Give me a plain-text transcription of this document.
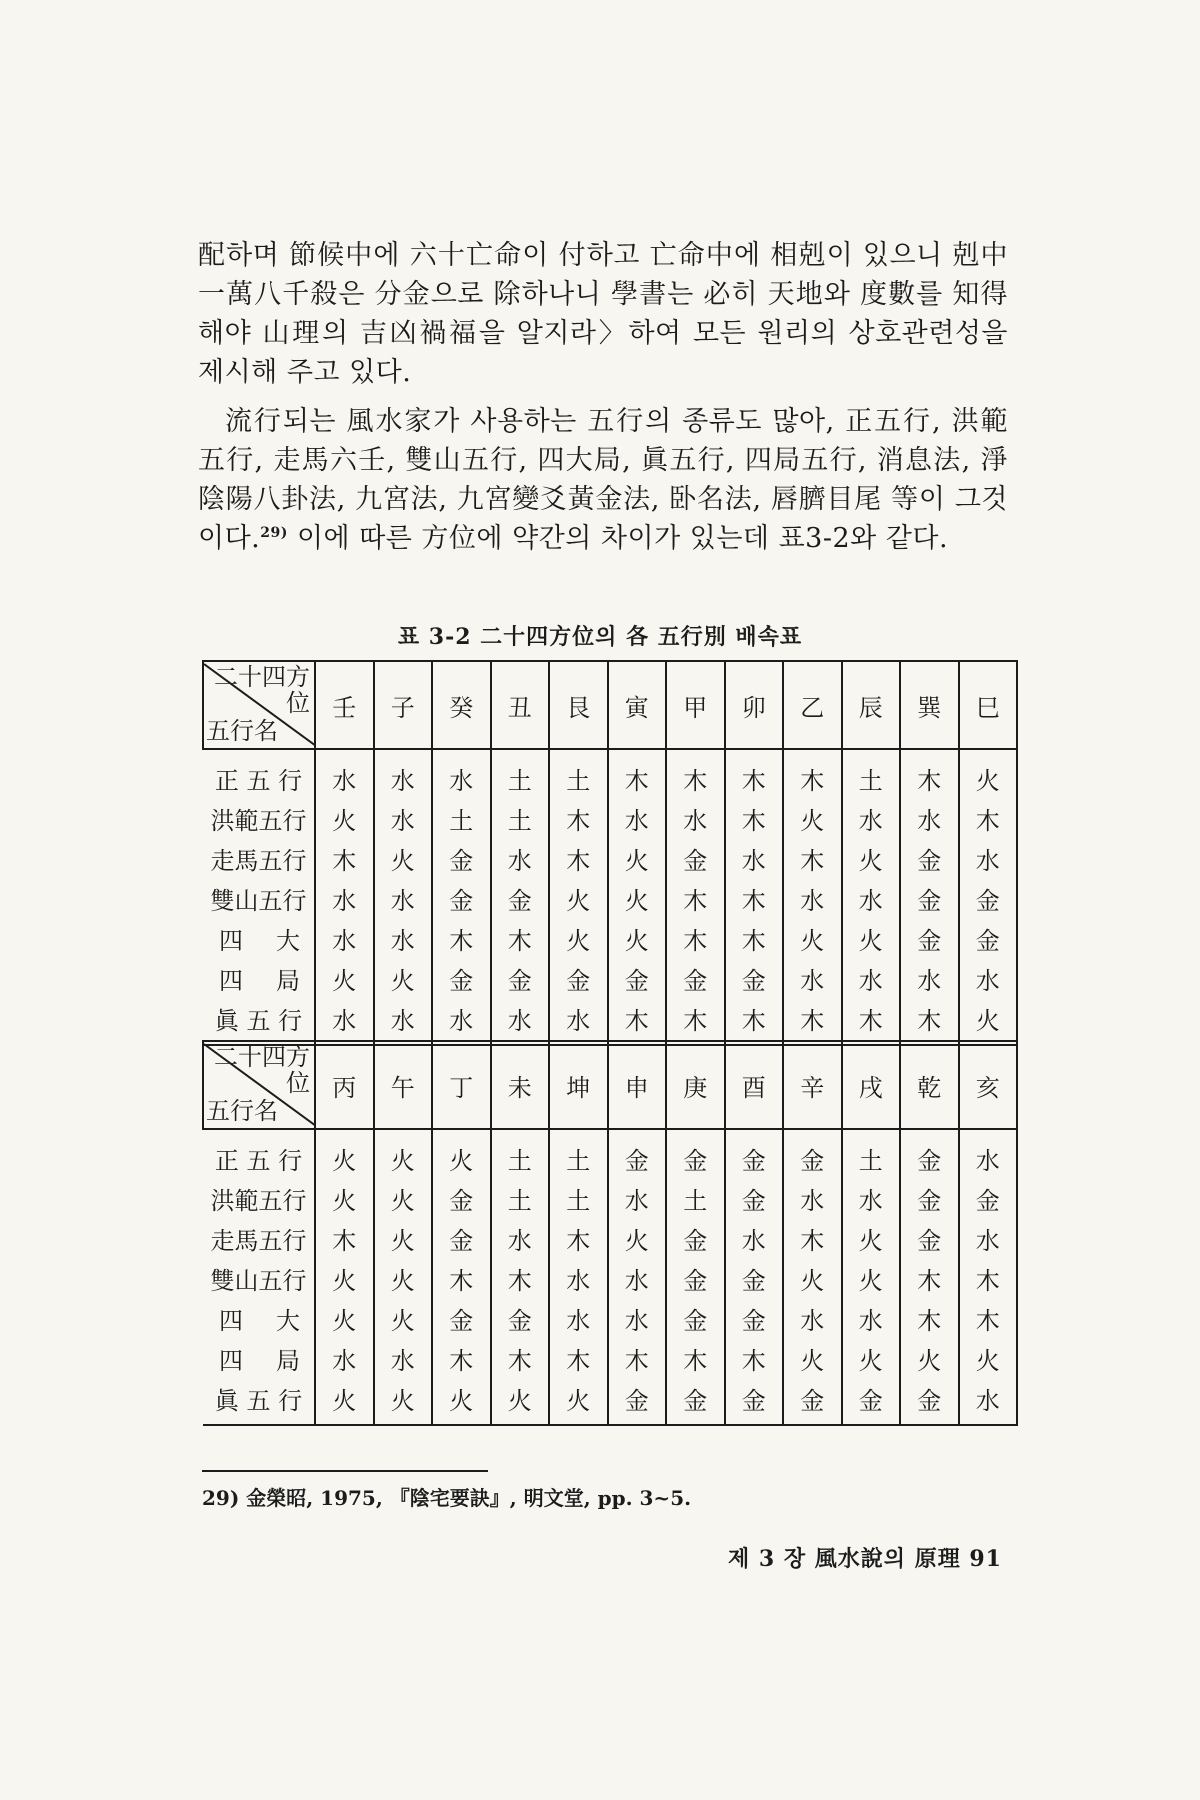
配하며 節候中에 六十亡命이 付하고 亡命中에 相剋이 있으니 剋中一萬八千殺은 分金으로 除하나니 學書는 必히 天地와 度數를 知得해야 山理의 吉凶禍福을 알지라〉하여 모든 원리의 상호관련성을 제시해 주고 있다.

流行되는 風水家가 사용하는 五行의 종류도 많아, 正五行, 洪範五行, 走馬六壬, 雙山五行, 四大局, 眞五行, 四局五行, 消息法, 淨陰陽八卦法, 九宮法, 九宮變爻黃金法, 卧名法, 唇臍目尾 等이 그것이다.$^{29)}$ 이에 따른 方位에 약간의 차이가 있는데 표3-2와 같다.

표 3-2 二十四方位의 各 五行別 배속표
二十四方
位
五行名	壬	子	癸	丑	艮	寅	甲	卯	乙	辰	巽	巳
正 五 行	水	水	水	土	土	木	木	木	木	土	木	火
洪範五行	火	水	土	土	木	水	水	木	火	水	水	木
走馬五行	木	火	金	水	木	火	金	水	木	火	金	水
雙山五行	水	水	金	金	火	火	木	木	水	水	金	金

四 大	水	水	木	木	火	火	木	木	火	火	金	金

四 局	火	火	金	金	金	金	金	金	水	水	水	水
眞 五 行	水	水	水	水	水	木	木	木	木	木	木	火
二十四方
位
五行名	丙	午	丁	未	坤	申	庚	酉	辛	戌	乾	亥
正 五 行	火	火	火	土	土	金	金	金	金	土	金	水
洪範五行	火	火	金	土	土	水	土	金	水	水	金	金
走馬五行	木	火	金	水	木	火	金	水	木	火	金	水
雙山五行	火	火	木	木	水	水	金	金	火	火	木	木

四 大	火	火	金	金	水	水	金	金	水	水	木	木

四 局	水	水	木	木	木	木	木	木	火	火	火	火
眞 五 行	火	火	火	火	火	金	金	金	金	金	金	水
29) 金榮昭, 1975, 『陰宅要訣』, 明文堂, pp. 3~5.
제 3 장 風水說의 原理 91
